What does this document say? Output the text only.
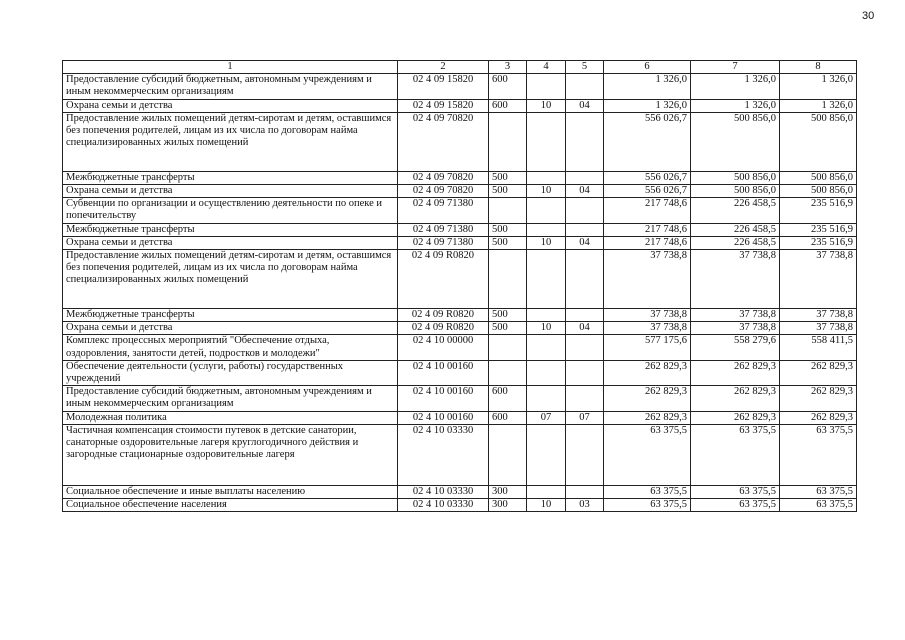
30
1	2	3	4	5	6	7	8
Предоставление субсидий бюджетным, автономным учреждениям и иным некоммерческим организациям	02 4 09 15820	600			1 326,0	1 326,0	1 326,0
Охрана семьи и детства	02 4 09 15820	600	10	04	1 326,0	1 326,0	1 326,0
Предоставление жилых помещений детям-сиротам и детям, оставшимся без попечения родителей, лицам из их числа по договорам найма специализированных жилых помещений	02 4 09 70820				556 026,7	500 856,0	500 856,0
Межбюджетные трансферты	02 4 09 70820	500			556 026,7	500 856,0	500 856,0
Охрана семьи и детства	02 4 09 70820	500	10	04	556 026,7	500 856,0	500 856,0
Субвенции по организации и осуществлению деятельности по опеке и попечительству	02 4 09 71380				217 748,6	226 458,5	235 516,9
Межбюджетные трансферты	02 4 09 71380	500			217 748,6	226 458,5	235 516,9
Охрана семьи и детства	02 4 09 71380	500	10	04	217 748,6	226 458,5	235 516,9
Предоставление жилых помещений детям-сиротам и детям, оставшимся без попечения родителей, лицам из их числа по договорам найма специализированных жилых помещений	02 4 09 R0820				37 738,8	37 738,8	37 738,8
Межбюджетные трансферты	02 4 09 R0820	500			37 738,8	37 738,8	37 738,8
Охрана семьи и детства	02 4 09 R0820	500	10	04	37 738,8	37 738,8	37 738,8
Комплекс процессных мероприятий "Обеспечение отдыха, оздоровления, занятости детей, подростков и молодежи"	02 4 10 00000				577 175,6	558 279,6	558 411,5
Обеспечение деятельности (услуги, работы) государственных учреждений	02 4 10 00160				262 829,3	262 829,3	262 829,3
Предоставление субсидий бюджетным, автономным учреждениям и иным некоммерческим организациям	02 4 10 00160	600			262 829,3	262 829,3	262 829,3
Молодежная политика	02 4 10 00160	600	07	07	262 829,3	262 829,3	262 829,3
Частичная компенсация стоимости путевок в детские санатории, санаторные оздоровительные лагеря круглогодичного действия и загородные стационарные оздоровительные лагеря	02 4 10 03330				63 375,5	63 375,5	63 375,5
Социальное обеспечение и иные выплаты населению	02 4 10 03330	300			63 375,5	63 375,5	63 375,5
Социальное обеспечение населения	02 4 10 03330	300	10	03	63 375,5	63 375,5	63 375,5
